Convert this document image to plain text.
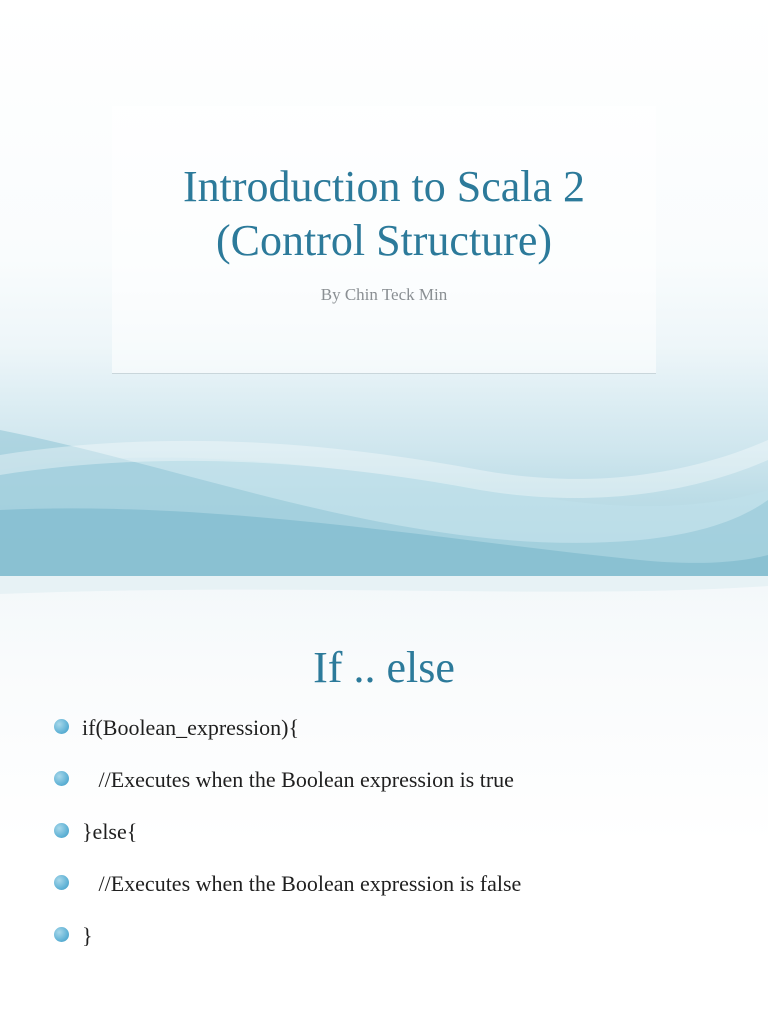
Introduction to Scala 2
(Control Structure)
By Chin Teck Min
If .. else
if(Boolean_expression){
//Executes when the Boolean expression is true
}else{
//Executes when the Boolean expression is false
}
